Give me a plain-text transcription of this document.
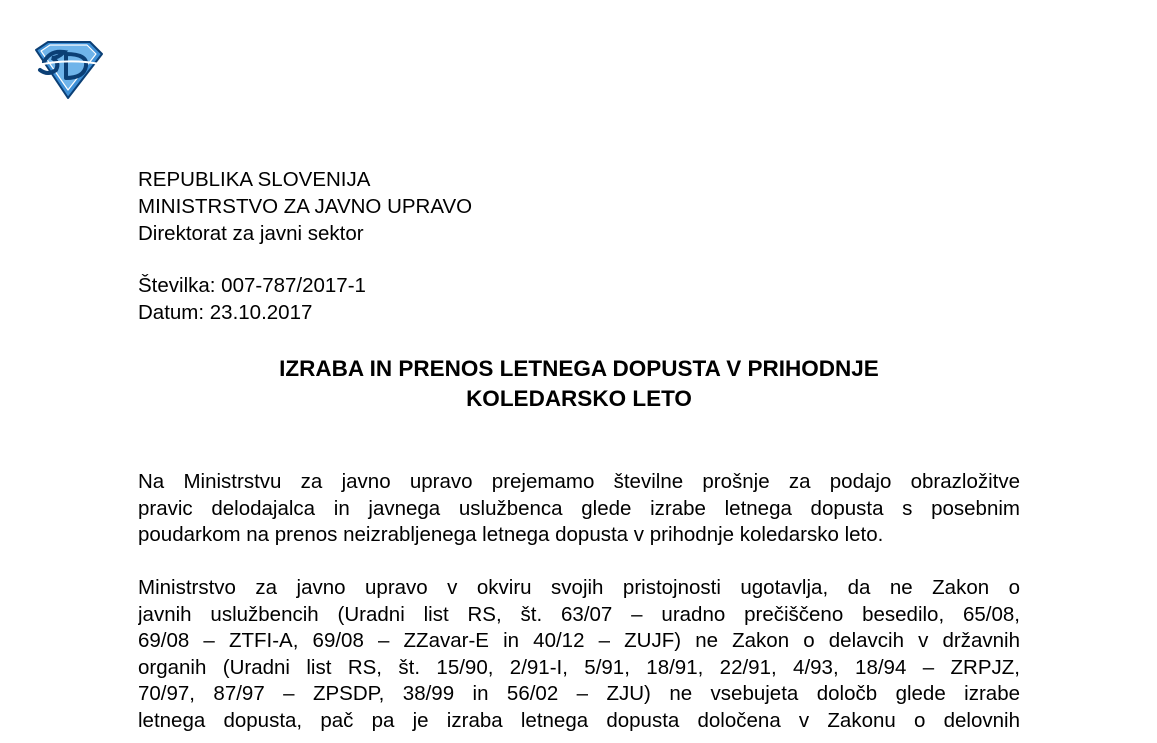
REPUBLIKA SLOVENIJA
MINISTRSTVO ZA JAVNO UPRAVO
Direktorat za javni sektor
Številka: 007-787/2017-1
Datum: 23.10.2017
IZRABA IN PRENOS LETNEGA DOPUSTA V PRIHODNJE
KOLEDARSKO LETO

Na Ministrstvu za javno upravo prejemamo številne prošnje za podajo obrazložitve
pravic delodajalca in javnega uslužbenca glede izrabe letnega dopusta s posebnim
poudarkom na prenos neizrabljenega letnega dopusta v prihodnje koledarsko leto.

Ministrstvo za javno upravo v okviru svojih pristojnosti ugotavlja, da ne Zakon o
javnih uslužbencih (Uradni list RS, št. 63/07 – uradno prečiščeno besedilo, 65/08,
69/08 – ZTFI-A, 69/08 – ZZavar-E in 40/12 – ZUJF) ne Zakon o delavcih v državnih
organih (Uradni list RS, št. 15/90, 2/91-I, 5/91, 18/91, 22/91, 4/93, 18/94 – ZRPJZ,
70/97, 87/97 – ZPSDP, 38/99 in 56/02 – ZJU) ne vsebujeta določb glede izrabe
letnega dopusta, pač pa je izraba letnega dopusta določena v Zakonu o delovnih
